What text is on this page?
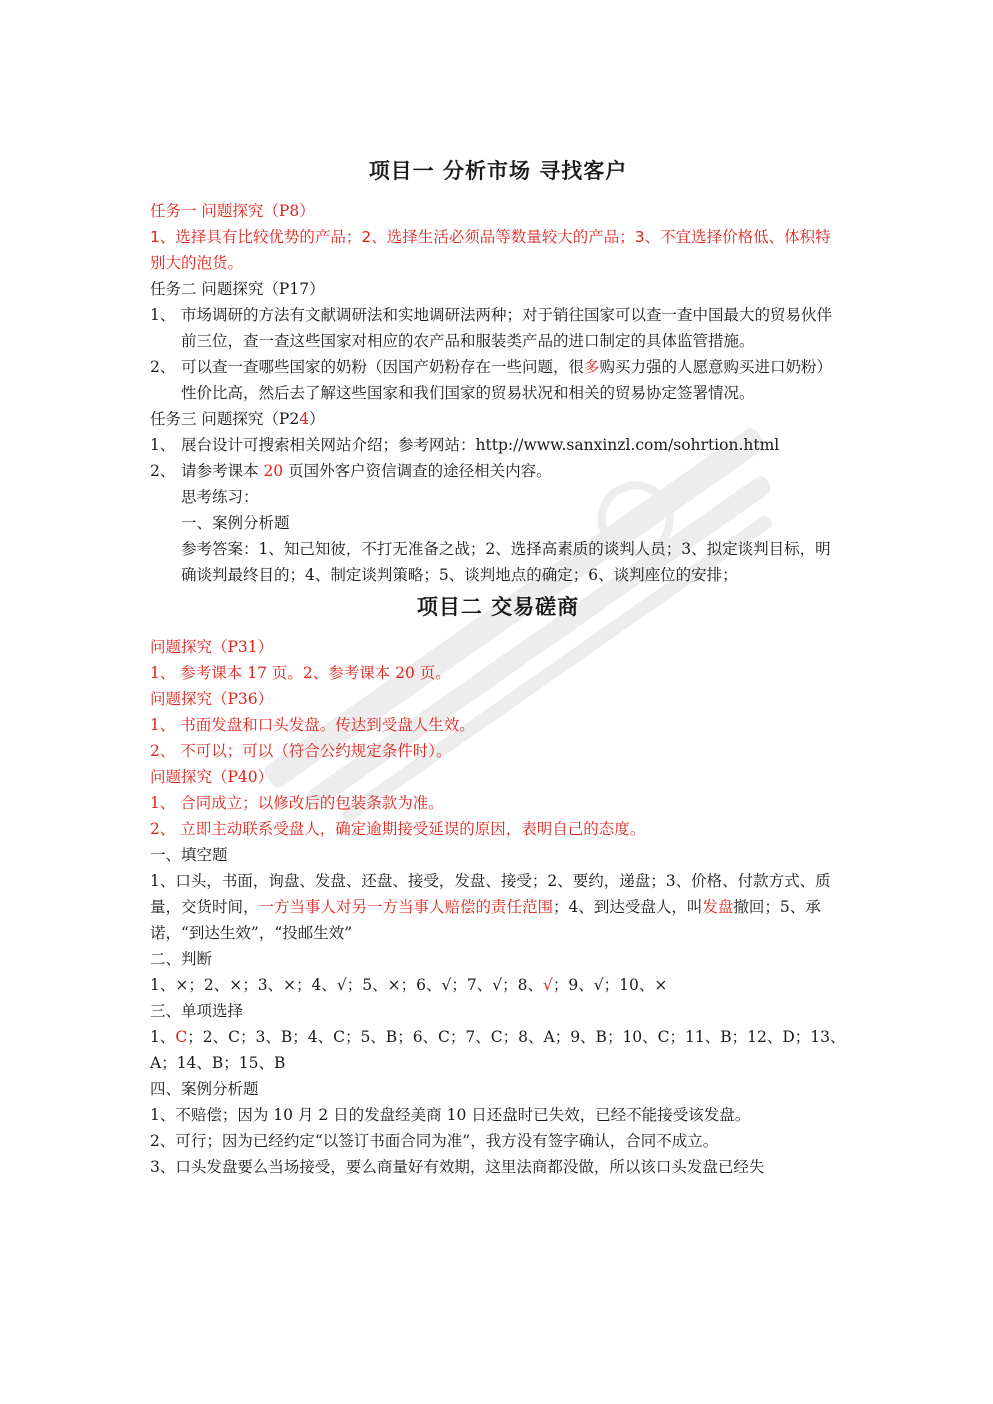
项目一 分析市场 寻找客户

任务一 问题探究（P8）

1、选择具有比较优势的产品；2、选择生活必须品等数量较大的产品；3、不宜选择价格低、体积特别大的泡货。

任务二 问题探究（P17）

1、 市场调研的方法有文献调研法和实地调研法两种；对于销往国家可以查一查中国最大的贸易伙伴前三位，查一查这些国家对相应的农产品和服装类产品的进口制定的具体监管措施。
2、 可以查一查哪些国家的奶粉（因国产奶粉存在一些问题，很多购买力强的人愿意购买进口奶粉）性价比高，然后去了解这些国家和我们国家的贸易状况和相关的贸易协定签署情况。

任务三 问题探究（P24）

1、 展台设计可搜索相关网站介绍；参考网站：http://www.sanxinzl.com/sohrtion.html
2、 请参考课本 20 页国外客户资信调查的途径相关内容。

思考练习：

一、案例分析题

参考答案：1、知己知彼，不打无准备之战；2、选择高素质的谈判人员；3、拟定谈判目标，明确谈判最终目的；4、制定谈判策略；5、谈判地点的确定；6、谈判座位的安排；

项目二 交易磋商

问题探究（P31）

1、 参考课本 17 页。2、参考课本 20 页。

问题探究（P36）

1、 书面发盘和口头发盘。传达到受盘人生效。

2、 不可以；可以（符合公约规定条件时）。

问题探究（P40）

1、 合同成立；以修改后的包装条款为准。

2、 立即主动联系受盘人，确定逾期接受延误的原因，表明自己的态度。

一、填空题

1、口头，书面，询盘、发盘、还盘、接受，发盘、接受；2、要约，递盘；3、价格、付款方式、质量，交货时间，一方当事人对另一方当事人赔偿的责任范围；4、到达受盘人，叫发盘撤回；5、承诺，“到达生效”，“投邮生效”

二、判断

1、×；2、×；3、×；4、√；5、×；6、√；7、√；8、√；9、√；10、×

三、单项选择

1、C；2、C；3、B；4、C；5、B；6、C；7、C；8、A；9、B；10、C；11、B；12、D；13、A；14、B；15、B

四、案例分析题

1、不赔偿；因为 10 月 2 日的发盘经美商 10 日还盘时已失效，已经不能接受该发盘。

2、可行；因为已经约定“以签订书面合同为准”，我方没有签字确认，合同不成立。

3、口头发盘要么当场接受，要么商量好有效期，这里法商都没做，所以该口头发盘已经失
